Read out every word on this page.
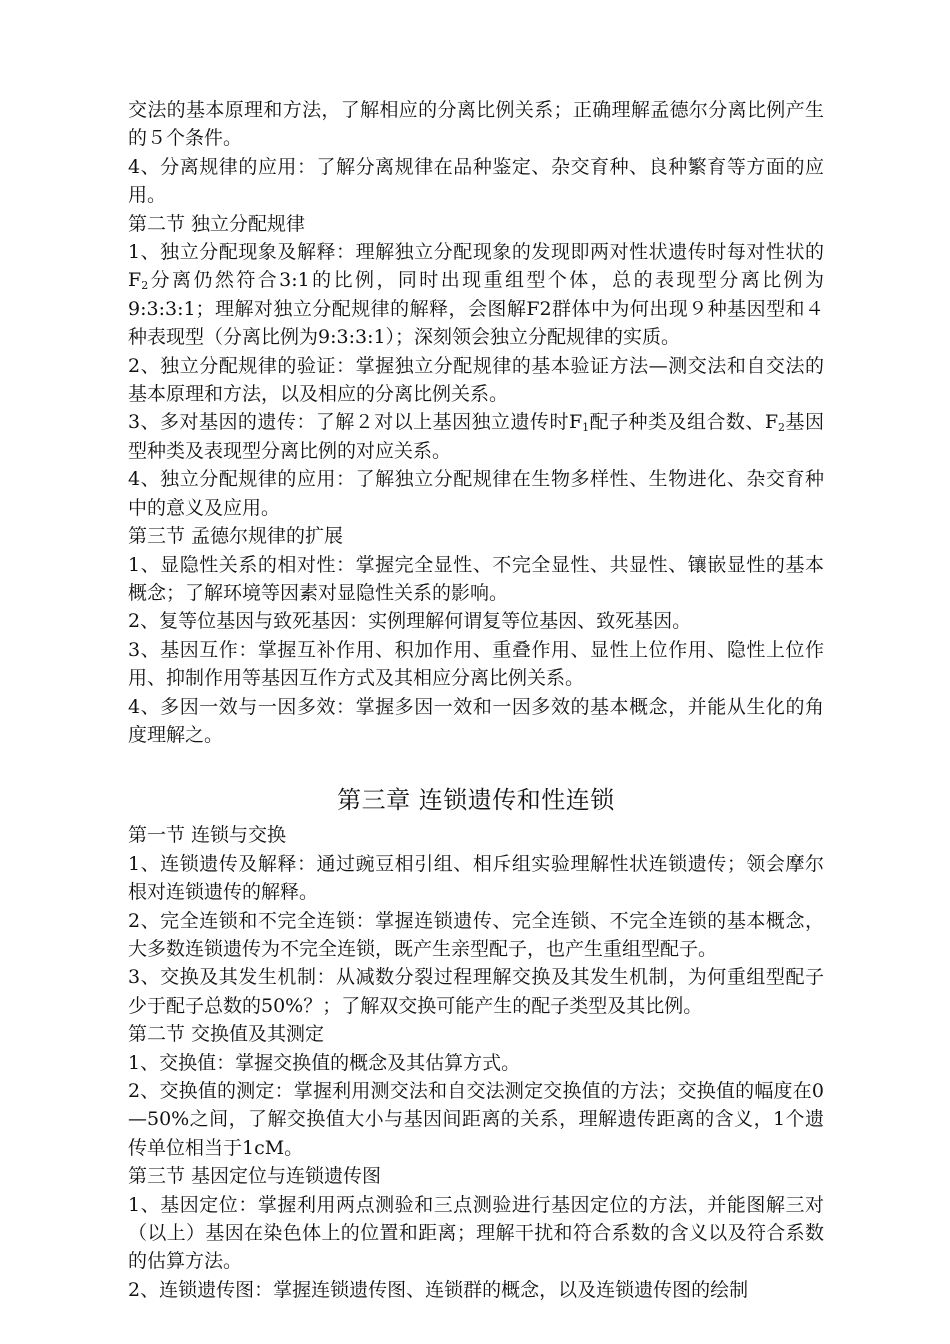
交法的基本原理和方法，了解相应的分离比例关系；正确理解孟德尔分离比例产生的５个条件。

4、分离规律的应用：了解分离规律在品种鉴定、杂交育种、良种繁育等方面的应用。

第二节 独立分配规律

1、独立分配现象及解释：理解独立分配现象的发现即两对性状遗传时每对性状的$F_2$分离仍然符合3:1的比例，同时出现重组型个体，总的表现型分离比例为9:3:3:1；理解对独立分配规律的解释，会图解F2群体中为何出现９种基因型和４种表现型（分离比例为9:3:3:1）；深刻领会独立分配规律的实质。

2、独立分配规律的验证：掌握独立分配规律的基本验证方法—测交法和自交法的基本原理和方法，以及相应的分离比例关系。

3、多对基因的遗传：了解２对以上基因独立遗传时$F_1$配子种类及组合数、$F_2$基因型种类及表现型分离比例的对应关系。

4、独立分配规律的应用：了解独立分配规律在生物多样性、生物进化、杂交育种中的意义及应用。

第三节 孟德尔规律的扩展

1、显隐性关系的相对性：掌握完全显性、不完全显性、共显性、镶嵌显性的基本概念；了解环境等因素对显隐性关系的影响。

2、复等位基因与致死基因：实例理解何谓复等位基因、致死基因。

3、基因互作：掌握互补作用、积加作用、重叠作用、显性上位作用、隐性上位作用、抑制作用等基因互作方式及其相应分离比例关系。

4、多因一效与一因多效：掌握多因一效和一因多效的基本概念，并能从生化的角度理解之。

第三章 连锁遗传和性连锁

第一节 连锁与交换

1、连锁遗传及解释：通过豌豆相引组、相斥组实验理解性状连锁遗传；领会摩尔根对连锁遗传的解释。

2、完全连锁和不完全连锁：掌握连锁遗传、完全连锁、不完全连锁的基本概念，大多数连锁遗传为不完全连锁，既产生亲型配子，也产生重组型配子。

3、交换及其发生机制：从减数分裂过程理解交换及其发生机制，为何重组型配子少于配子总数的50%？；了解双交换可能产生的配子类型及其比例。

第二节 交换值及其测定

1、交换值：掌握交换值的概念及其估算方式。

2、交换值的测定：掌握利用测交法和自交法测定交换值的方法；交换值的幅度在0—50%之间，了解交换值大小与基因间距离的关系，理解遗传距离的含义，1个遗传单位相当于1cM。

第三节 基因定位与连锁遗传图

1、基因定位：掌握利用两点测验和三点测验进行基因定位的方法，并能图解三对（以上）基因在染色体上的位置和距离；理解干扰和符合系数的含义以及符合系数的估算方法。

2、连锁遗传图：掌握连锁遗传图、连锁群的概念，以及连锁遗传图的绘制
